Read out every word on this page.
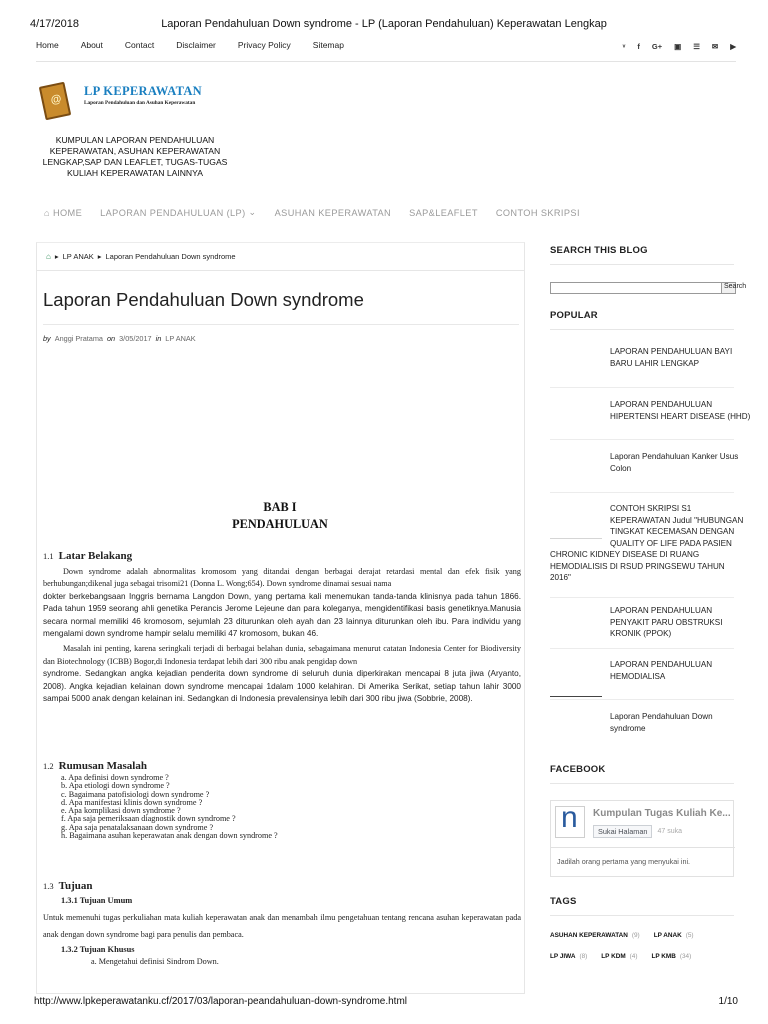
4/17/2018	Laporan Pendahuluan Down syndrome - LP (Laporan Pendahuluan) Keperawatan Lengkap
Home	About	Contact	Disclaimer	Privacy Policy	Sitemap	ᵛ f G+ ▣ ☰ ✉ ▶
@
LP KEPERAWATAN
Laporan Pendahuluan dan Asuhan Keperawatan
KUMPULAN LAPORAN PENDAHULUAN KEPERAWATAN, ASUHAN KEPERAWATAN LENGKAP,SAP DAN LEAFLET, TUGAS-TUGAS KULIAH KEPERAWATAN LAINNYA
⌂ HOME LAPORAN PENDAHULUAN (LP) ⌄ ASUHAN KEPERAWATAN SAP&LEAFLET CONTOH SKRIPSI
⌂ ▸ LP ANAK ▸ Laporan Pendahuluan Down syndrome
Laporan Pendahuluan Down syndrome
by Anggi Pratama on 3/05/2017 in LP ANAK
BAB I
PENDAHULUAN
1.1 Latar Belakang

Down syndrome adalah abnormalitas kromosom yang ditandai dengan berbagai derajat retardasi mental dan efek fisik yang berhubungan;dikenal juga sebagai trisomi21 (Donna L. Wong;654). Down syndrome dinamai sesuai nama

dokter berkebangsaan Inggris bernama Langdon Down, yang pertama kali menemukan tanda-tanda klinisnya pada tahun 1866. Pada tahun 1959 seorang ahli genetika Perancis Jerome Lejeune dan para koleganya, mengidentifikasi basis genetiknya.Manusia secara normal memiliki 46 kromosom, sejumlah 23 diturunkan oleh ayah dan 23 lainnya diturunkan oleh ibu. Para individu yang mengalami down syndrome hampir selalu memiliki 47 kromosom, bukan 46.

Masalah ini penting, karena seringkali terjadi di berbagai belahan dunia, sebagaimana menurut catatan Indonesia Center for Biodiversity dan Biotechnology (ICBB) Bogor,di Indonesia terdapat lebih dari 300 ribu anak pengidap down

syndrome. Sedangkan angka kejadian penderita down syndrome di seluruh dunia diperkirakan mencapai 8 juta jiwa (Aryanto, 2008). Angka kejadian kelainan down syndrome mencapai 1dalam 1000 kelahiran. Di Amerika Serikat, setiap tahun lahir 3000 sampai 5000 anak dengan kelainan ini. Sedangkan di Indonesia prevalensinya lebih dari 300 ribu jiwa (Sobbrie, 2008).

1.2 Rumusan Masalah
a. Apa definisi down syndrome ?
b. Apa etiologi down syndrome ?
c. Bagaimana patofisiologi down syndrome ?
d. Apa manifestasi klinis down syndrome ?
e. Apa komplikasi down syndrome ?
f. Apa saja pemeriksaan diagnostik down syndrome ?
g. Apa saja penatalaksanaan down syndrome ?
h. Bagaimana asuhan keperawatan anak dengan down syndrome ?
1.3 Tujuan
1.3.1 Tujuan Umum

Untuk memenuhi tugas perkuliahan mata kuliah keperawatan anak dan menambah ilmu pengetahuan tentang rencana asuhan keperawatan pada anak dengan down syndrome bagi para penulis dan pembaca.

1.3.2 Tujuan Khusus

a. Mengetahui definisi Sindrom Down.

SEARCH THIS BLOG
Search
POPULAR
LAPORAN PENDAHULUAN BAYI
BARU LAHIR LENGKAP
LAPORAN PENDAHULUAN
HIPERTENSI HEART DISEASE (HHD)
Laporan Pendahuluan Kanker Usus
Colon
CONTOH SKRIPSI S1
KEPERAWATAN Judul "HUBUNGAN
TINGKAT KECEMASAN DENGAN
QUALITY OF LIFE PADA PASIEN
CHRONIC KIDNEY DISEASE DI RUANG
HEMODIALISIS DI RSUD PRINGSEWU TAHUN
2016"
LAPORAN PENDAHULUAN
PENYAKIT PARU OBSTRUKSI
KRONIK (PPOK)
LAPORAN PENDAHULUAN
HEMODIALISA
Laporan Pendahuluan Down
syndrome
FACEBOOK
n
Kumpulan Tugas Kuliah Ke...
Sukai Halaman	47 suka
Jadilah orang pertama yang menyukai ini.
TAGS
ASUHAN KEPERAWATAN (9) LP ANAK (5)
LP JIWA (8) LP KDM (4) LP KMB (34)
http://www.lpkeperawatanku.cf/2017/03/laporan-peandahuluan-down-syndrome.html	1/10
